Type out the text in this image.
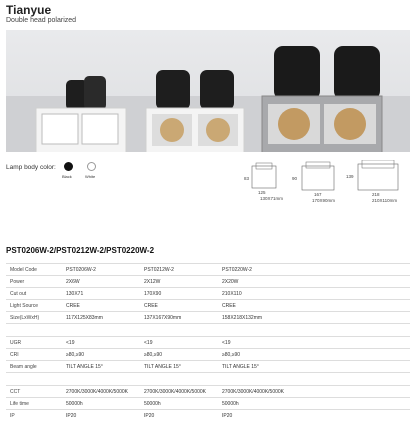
Tianyue
Double head polarized
Lamp body color:
Black	White	83
125
130X71mm
90
167
170X90mm
139
218
210X110mm
PST0206W-2/PST0212W-2/PST0220W-2
Model Code	PST0206W-2	PST0212W-2	PST0220W-2
Power	2X6W	2X12W	2X20W
Cut out	130X71	170X90	210X110
Light Source	CREE	CREE	CREE
Size(LxWxH)	117X125X83mm	137X167X90mm	158X218X132mm
UGR	<19	<19	<19
CRI	≥80,≥90	≥80,≥90	≥80,≥90
Beam angle	TILT ANGLE 15°	TILT ANGLE 15°	TILT ANGLE 15°
CCT	2700K/3000K/4000K/5000K	2700K/3000K/4000K/5000K	2700K/3000K/4000K/5000K
Life time	50000h	50000h	50000h
IP	IP20	IP20	IP20
